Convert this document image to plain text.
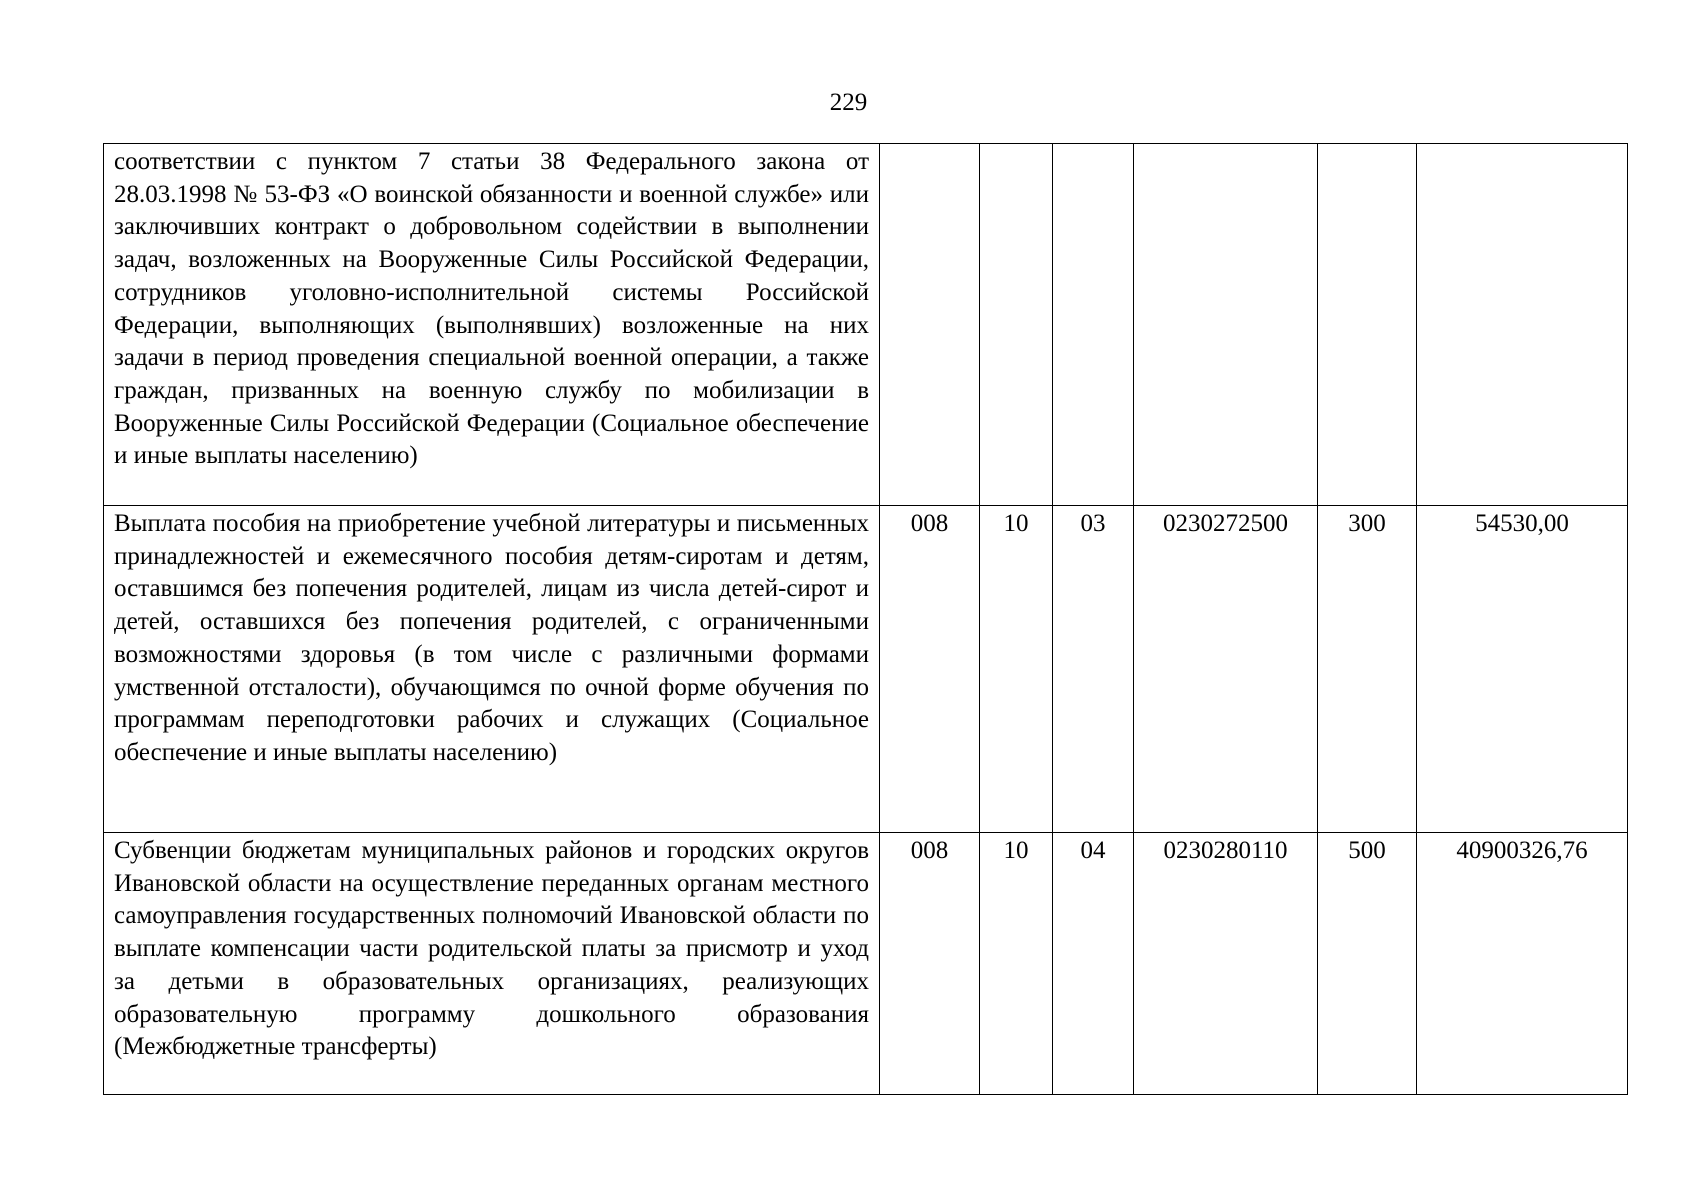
229
соответствии с пунктом 7 статьи 38 Федерального закона от 28.03.1998 № 53-ФЗ «О воинской обязанности и военной службе» или заключивших контракт о добровольном содействии в выполнении задач, возложенных на Вооруженные Силы Российской Федерации, сотрудников уголовно-исполнительной системы Российской Федерации, выполняющих (выполнявших) возложенные на них задачи в период проведения специальной военной операции, а также граждан, призванных на военную службу по мобилизации в Вооруженные Силы Российской Федерации (Социальное обеспечение и иные выплаты населению)						
Выплата пособия на приобретение учебной литературы и письменных принадлежностей и ежемесячного пособия детям-сиротам и детям, оставшимся без попечения родителей, лицам из числа детей-сирот и детей, оставшихся без попечения родителей, с ограниченными возможностями здоровья (в том числе с различными формами умственной отсталости), обучающимся по очной форме обучения по программам переподготовки рабочих и служащих (Социальное обеспечение и иные выплаты населению)	008	10	03	0230272500	300	54530,00
Субвенции бюджетам муниципальных районов и городских округов Ивановской области на осуществление переданных органам местного самоуправления государственных полномочий Ивановской области по выплате компенсации части родительской платы за присмотр и уход за детьми в образовательных организациях, реализующих образовательную программу дошкольного образования (Межбюджетные трансферты)	008	10	04	0230280110	500	40900326,76
